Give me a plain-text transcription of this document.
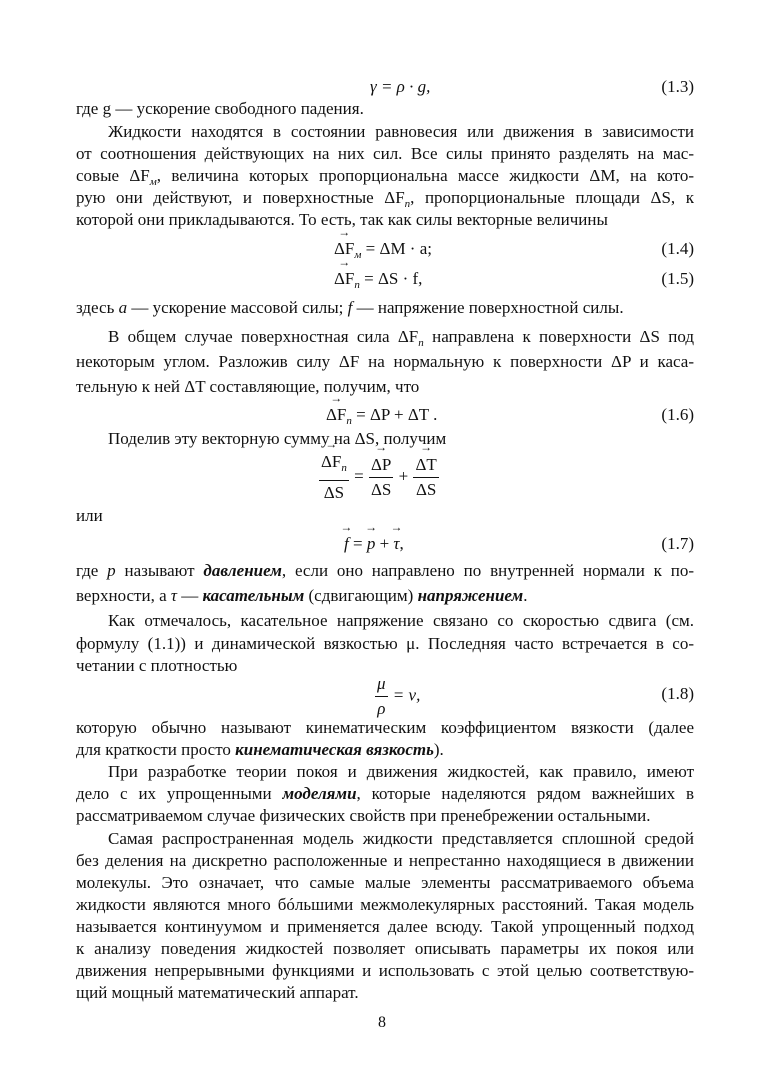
γ = ρ · g,	(1.3)
где g — ускорение свободного падения.
Жидкости находятся в состоянии равновесия или движения в зависимости
от соотношения действующих на них сил. Все силы принято разделять на мас-
совые $\Delta F_м$, величина которых пропорциональна массе жидкости ΔM, на кото-
рую они действуют, и поверхностные $\Delta F_п$, пропорциональные площади ΔS, к
которой они прикладываются. То есть, так как силы векторные величины
→ $\Delta F_м = \Delta M \cdot a$;	(1.4)
→ $\Delta F_п = \Delta S \cdot f$,	(1.5)
здесь → a — ускорение массовой силы; → f — напряжение поверхностной силы.
В общем случае поверхностная сила $\Delta F_п$ направлена к поверхности ΔS под
некоторым углом. Разложив силу ΔF на нормальную к поверхности ΔP и каса-
тельную к ней ΔT составляющие, получим, что
→ $\Delta F_п = \Delta P + \Delta T$ .	(1.6)
Поделив эту векторную сумму на ΔS, получим
→ $\frac{\Delta F_п}{\Delta S}$ = → $\frac{\Delta P}{\Delta S}$ + → $\frac{\Delta T}{\Delta S}$
или
→ f = → p + → τ,	(1.7)
где → p называют давлением, если оно направлено по внутренней нормали к по-
верхности, а → τ — касательным (сдвигающим) напряжением.
Как отмечалось, касательное напряжение связано со скоростью сдвига (см.
формулу (1.1)) и динамической вязкостью μ. Последняя часто встречается в со-
четании с плотностью
$\frac{\mu}{\rho} = \nu$,	(1.8)
которую обычно называют кинематическим коэффициентом вязкости (далее
для краткости просто кинематическая вязкость).
При разработке теории покоя и движения жидкостей, как правило, имеют
дело с их упрощенными моделями, которые наделяются рядом важнейших в
рассматриваемом случае физических свойств при пренебрежении остальными.
Самая распространенная модель жидкости представляется сплошной средой
без деления на дискретно расположенные и непрестанно находящиеся в движении
молекулы. Это означает, что самые малые элементы рассматриваемого объема
жидкости являются много бóльшими межмолекулярных расстояний. Такая модель
называется континуумом и применяется далее всюду. Такой упрощенный подход
к анализу поведения жидкостей позволяет описывать параметры их покоя или
движения непрерывными функциями и использовать с этой целью соответствую-
щий мощный математический аппарат.
8
